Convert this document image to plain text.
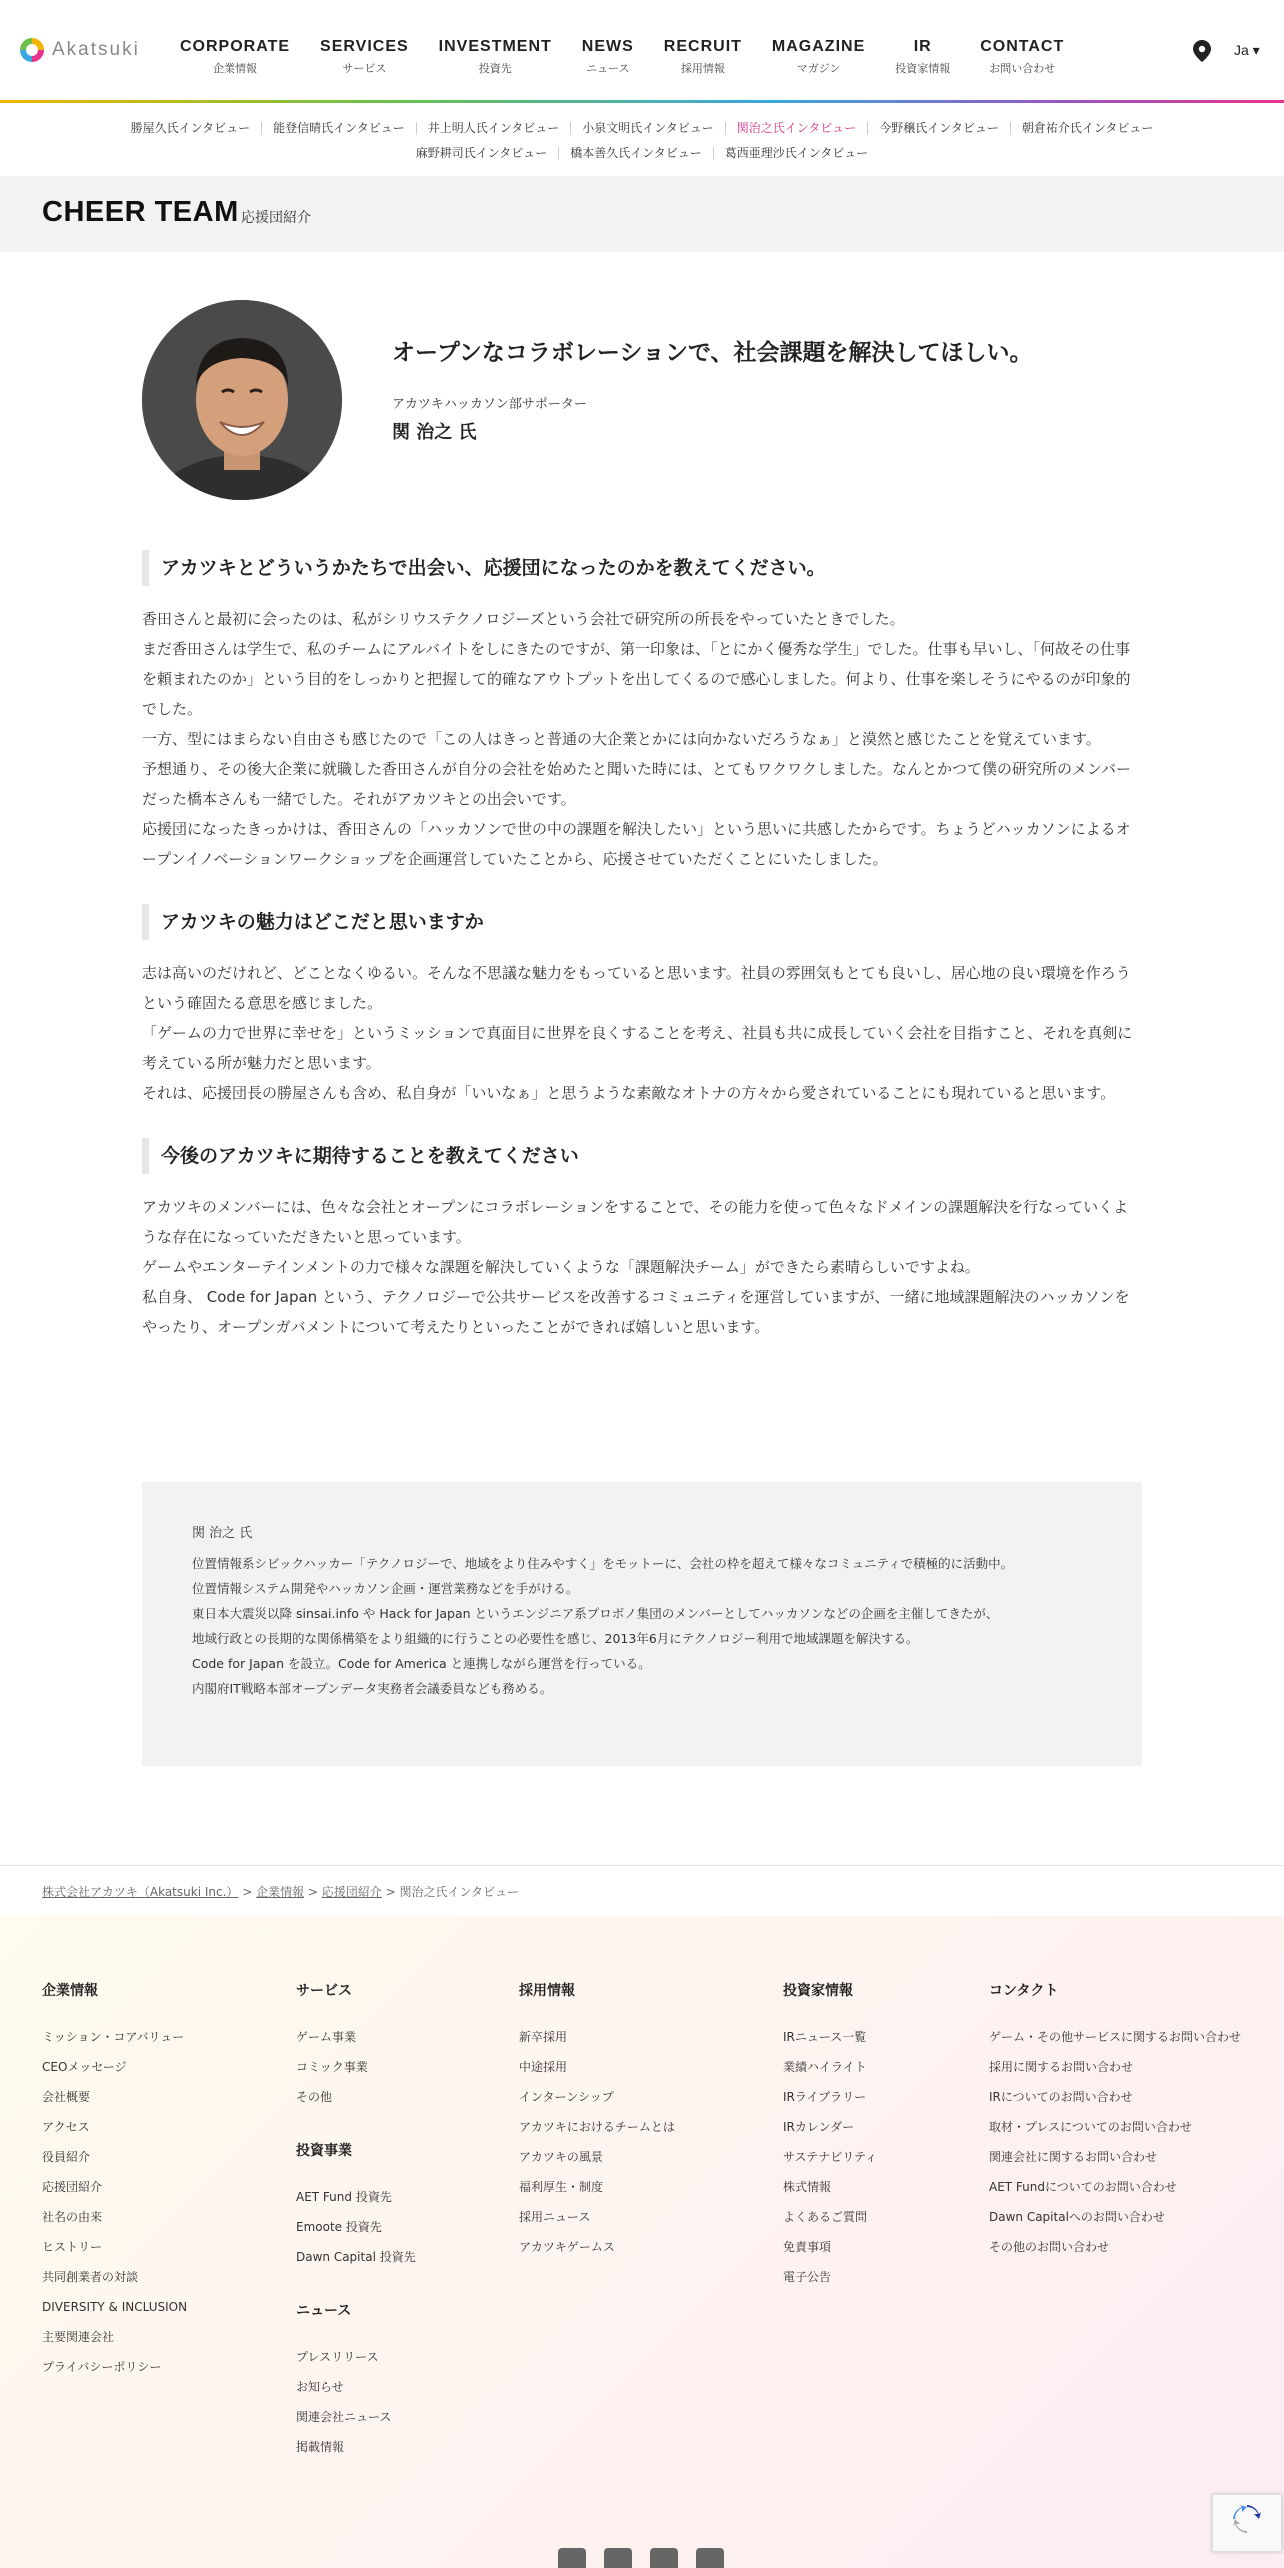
Akatsuki	CORPORATE
企業情報
SERVICES
サービス
INVESTMENT
投資先
NEWS
ニュース
RECRUIT
採用情報
MAGAZINE
マガジン
IR
投資家情報
CONTACT
お問い合わせ
Ja ▾
勝屋久氏インタビュー	能登信晴氏インタビュー	井上明人氏インタビュー	小泉文明氏インタビュー	関治之氏インタビュー	今野穣氏インタビュー	朝倉祐介氏インタビュー
麻野耕司氏インタビュー	橋本善久氏インタビュー	葛西亜理沙氏インタビュー
CHEER TEAM 応援団紹介
オープンなコラボレーションで、社会課題を解決してほしい。
アカツキハッカソン部サポーター
関 治之 氏
アカツキとどういうかたちで出会い、応援団になったのかを教えてください。

香田さんと最初に会ったのは、私がシリウステクノロジーズという会社で研究所の所長をやっていたときでした。

まだ香田さんは学生で、私のチームにアルバイトをしにきたのですが、第一印象は、「とにかく優秀な学生」でした。仕事も早いし、「何故その仕事を頼まれたのか」という目的をしっかりと把握して的確なアウトプットを出してくるので感心しました。何より、仕事を楽しそうにやるのが印象的でした。

一方、型にはまらない自由さも感じたので「この人はきっと普通の大企業とかには向かないだろうなぁ」と漠然と感じたことを覚えています。

予想通り、その後大企業に就職した香田さんが自分の会社を始めたと聞いた時には、とてもワクワクしました。なんとかつて僕の研究所のメンバーだった橋本さんも一緒でした。それがアカツキとの出会いです。

応援団になったきっかけは、香田さんの「ハッカソンで世の中の課題を解決したい」という思いに共感したからです。ちょうどハッカソンによるオープンイノベーションワークショップを企画運営していたことから、応援させていただくことにいたしました。

アカツキの魅力はどこだと思いますか

志は高いのだけれど、どことなくゆるい。そんな不思議な魅力をもっていると思います。社員の雰囲気もとても良いし、居心地の良い環境を作ろうという確固たる意思を感じました。

「ゲームの力で世界に幸せを」というミッションで真面目に世界を良くすることを考え、社員も共に成長していく会社を目指すこと、それを真剣に考えている所が魅力だと思います。

それは、応援団長の勝屋さんも含め、私自身が「いいなぁ」と思うような素敵なオトナの方々から愛されていることにも現れていると思います。

今後のアカツキに期待することを教えてください

アカツキのメンバーには、色々な会社とオープンにコラボレーションをすることで、その能力を使って色々なドメインの課題解決を行なっていくような存在になっていただきたいと思っています。

ゲームやエンターテインメントの力で様々な課題を解決していくような「課題解決チーム」ができたら素晴らしいですよね。

私自身、 Code for Japan という、テクノロジーで公共サービスを改善するコミュニティを運営していますが、一緒に地域課題解決のハッカソンをやったり、オープンガバメントについて考えたりといったことができれば嬉しいと思います。

関 治之 氏

位置情報系シビックハッカー「テクノロジーで、地域をより住みやすく」をモットーに、会社の枠を超えて様々なコミュニティで積極的に活動中。

位置情報システム開発やハッカソン企画・運営業務などを手がける。

東日本大震災以降 sinsai.info や Hack for Japan というエンジニア系プロボノ集団のメンバーとしてハッカソンなどの企画を主催してきたが、

地域行政との長期的な関係構築をより組織的に行うことの必要性を感じ、2013年6月にテクノロジー利用で地域課題を解決する。

Code for Japan を設立。Code for America と連携しながら運営を行っている。

内閣府IT戦略本部オープンデータ実務者会議委員なども務める。

株式会社アカツキ（Akatsuki Inc.） > 企業情報 > 応援団紹介 > 関治之氏インタビュー
企業情報
ミッション・コアバリュー
CEOメッセージ
会社概要
アクセス
役員紹介
応援団紹介
社名の由来
ヒストリー
共同創業者の対談
DIVERSITY & INCLUSION
主要関連会社
プライバシーポリシー
サービス
ゲーム事業
コミック事業
その他
投資事業
AET Fund 投資先
Emoote 投資先
Dawn Capital 投資先
ニュース
プレスリリース
お知らせ
関連会社ニュース
掲載情報
採用情報
新卒採用
中途採用
インターンシップ
アカツキにおけるチームとは
アカツキの風景
福利厚生・制度
採用ニュース
アカツキゲームス
投資家情報
IRニュース一覧
業績ハイライト
IRライブラリー
IRカレンダー
サステナビリティ
株式情報
よくあるご質問
免責事項
電子公告
コンタクト
ゲーム・その他サービスに関するお問い合わせ
採用に関するお問い合わせ
IRについてのお問い合わせ
取材・プレスについてのお問い合わせ
関連会社に関するお問い合わせ
AET Fundについてのお問い合わせ
Dawn Capitalへのお問い合わせ
その他のお問い合わせ
